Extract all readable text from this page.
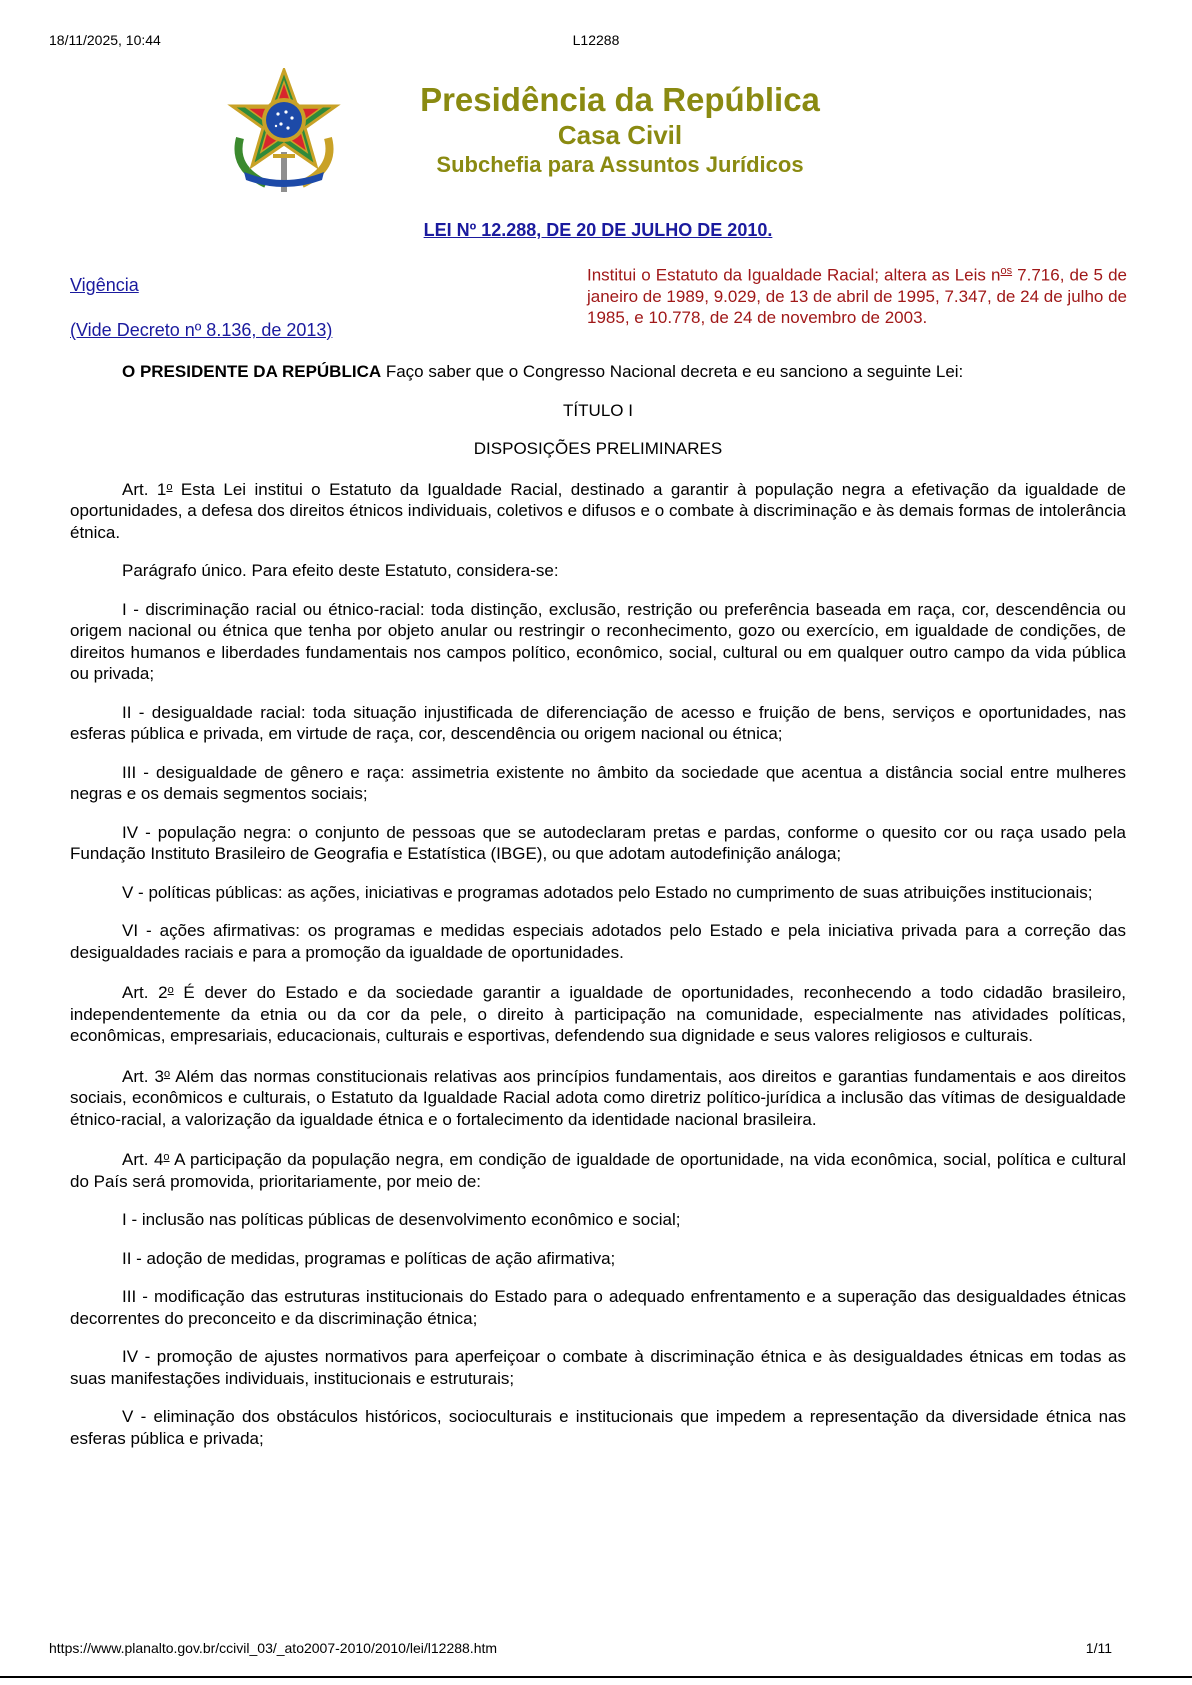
18/11/2025, 10:44	L12288
Presidência da República
Casa Civil
Subchefia para Assuntos Jurídicos
LEI Nº 12.288, DE 20 DE JULHO DE 2010.
Vigência
(Vide Decreto nº 8.136, de 2013)
Institui o Estatuto da Igualdade Racial; altera as Leis $n^{os}$ 7.716, de 5 de janeiro de 1989, 9.029, de 13 de abril de 1995, 7.347, de 24 de julho de 1985, e 10.778, de 24 de novembro de 2003.

O PRESIDENTE DA REPÚBLICA Faço saber que o Congresso Nacional decreta e eu sanciono a seguinte Lei:

TÍTULO I

DISPOSIÇÕES PRELIMINARES

Art. 1$^o$ Esta Lei institui o Estatuto da Igualdade Racial, destinado a garantir à população negra a efetivação da igualdade de oportunidades, a defesa dos direitos étnicos individuais, coletivos e difusos e o combate à discriminação e às demais formas de intolerância étnica.

Parágrafo único. Para efeito deste Estatuto, considera-se:

I - discriminação racial ou étnico-racial: toda distinção, exclusão, restrição ou preferência baseada em raça, cor, descendência ou origem nacional ou étnica que tenha por objeto anular ou restringir o reconhecimento, gozo ou exercício, em igualdade de condições, de direitos humanos e liberdades fundamentais nos campos político, econômico, social, cultural ou em qualquer outro campo da vida pública ou privada;

II - desigualdade racial: toda situação injustificada de diferenciação de acesso e fruição de bens, serviços e oportunidades, nas esferas pública e privada, em virtude de raça, cor, descendência ou origem nacional ou étnica;

III - desigualdade de gênero e raça: assimetria existente no âmbito da sociedade que acentua a distância social entre mulheres negras e os demais segmentos sociais;

IV - população negra: o conjunto de pessoas que se autodeclaram pretas e pardas, conforme o quesito cor ou raça usado pela Fundação Instituto Brasileiro de Geografia e Estatística (IBGE), ou que adotam autodefinição análoga;

V - políticas públicas: as ações, iniciativas e programas adotados pelo Estado no cumprimento de suas atribuições institucionais;

VI - ações afirmativas: os programas e medidas especiais adotados pelo Estado e pela iniciativa privada para a correção das desigualdades raciais e para a promoção da igualdade de oportunidades.

Art. 2$^o$ É dever do Estado e da sociedade garantir a igualdade de oportunidades, reconhecendo a todo cidadão brasileiro, independentemente da etnia ou da cor da pele, o direito à participação na comunidade, especialmente nas atividades políticas, econômicas, empresariais, educacionais, culturais e esportivas, defendendo sua dignidade e seus valores religiosos e culturais.

Art. 3$^o$ Além das normas constitucionais relativas aos princípios fundamentais, aos direitos e garantias fundamentais e aos direitos sociais, econômicos e culturais, o Estatuto da Igualdade Racial adota como diretriz político-jurídica a inclusão das vítimas de desigualdade étnico-racial, a valorização da igualdade étnica e o fortalecimento da identidade nacional brasileira.

Art. 4$^o$ A participação da população negra, em condição de igualdade de oportunidade, na vida econômica, social, política e cultural do País será promovida, prioritariamente, por meio de:

I - inclusão nas políticas públicas de desenvolvimento econômico e social;

II - adoção de medidas, programas e políticas de ação afirmativa;

III - modificação das estruturas institucionais do Estado para o adequado enfrentamento e a superação das desigualdades étnicas decorrentes do preconceito e da discriminação étnica;

IV - promoção de ajustes normativos para aperfeiçoar o combate à discriminação étnica e às desigualdades étnicas em todas as suas manifestações individuais, institucionais e estruturais;

V - eliminação dos obstáculos históricos, socioculturais e institucionais que impedem a representação da diversidade étnica nas esferas pública e privada;

https://www.planalto.gov.br/ccivil_03/_ato2007-2010/2010/lei/l12288.htm	1/11
